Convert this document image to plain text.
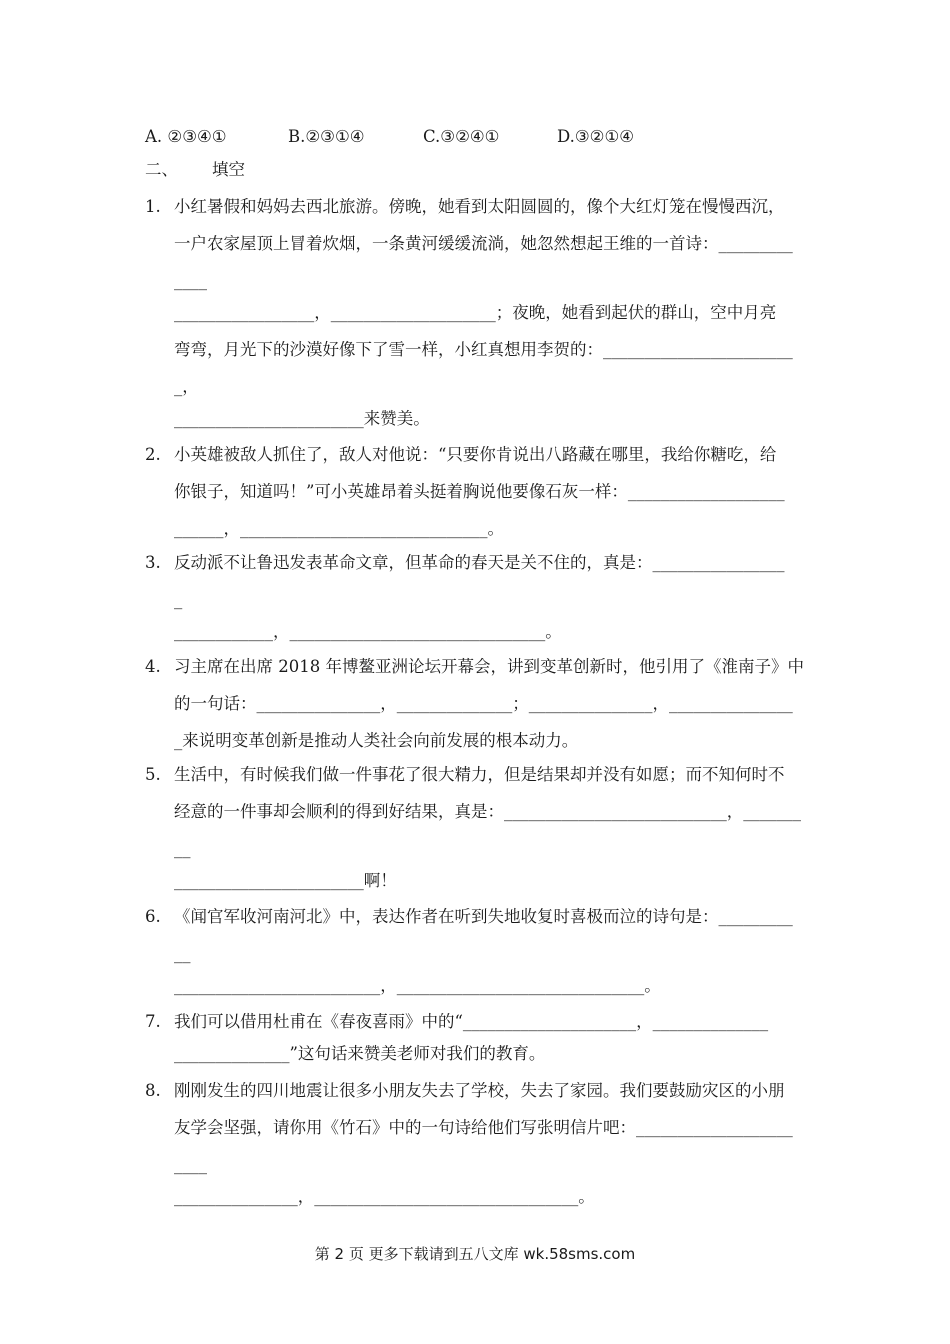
A. ②③④①	B.②③①④	C.③②④①	D.③②①④
二、 填空
1. 小红暑假和妈妈去西北旅游。傍晚，她看到太阳圆圆的，像个大红灯笼在慢慢西沉，
一户农家屋顶上冒着炊烟，一条黄河缓缓流淌，她忽然想起王维的一首诗：_________
____
_________________，____________________；夜晚，她看到起伏的群山，空中月亮
弯弯，月光下的沙漠好像下了雪一样，小红真想用李贺的：_______________________
_，
_______________________来赞美。
2. 小英雄被敌人抓住了，敌人对他说：“只要你肯说出八路藏在哪里，我给你糖吃，给
你银子，知道吗！”可小英雄昂着头挺着胸说他要像石灰一样：___________________
______，______________________________。
3. 反动派不让鲁迅发表革命文章，但革命的春天是关不住的，真是：________________
_
____________，_______________________________。
4. 习主席在出席 2018 年博鳌亚洲论坛开幕会，讲到变革创新时，他引用了《淮南子》中
的一句话：_______________，______________；_______________，_______________
_来说明变革创新是推动人类社会向前发展的根本动力。
5. 生活中，有时候我们做一件事花了很大精力，但是结果却并没有如愿；而不知何时不
经意的一件事却会顺利的得到好结果，真是：___________________________，_______
__
_______________________啊！
6. 《闻官军收河南河北》中，表达作者在听到失地收复时喜极而泣的诗句是：_________
__
_________________________，______________________________。
7. 我们可以借用杜甫在《春夜喜雨》中的“_____________________，______________
______________”这句话来赞美老师对我们的教育。
8. 刚刚发生的四川地震让很多小朋友失去了学校，失去了家园。我们要鼓励灾区的小朋
友学会坚强，请你用《竹石》中的一句诗给他们写张明信片吧：___________________
____
_______________，________________________________。
第 2 页 更多下载请到五八文库 wk.58sms.com
